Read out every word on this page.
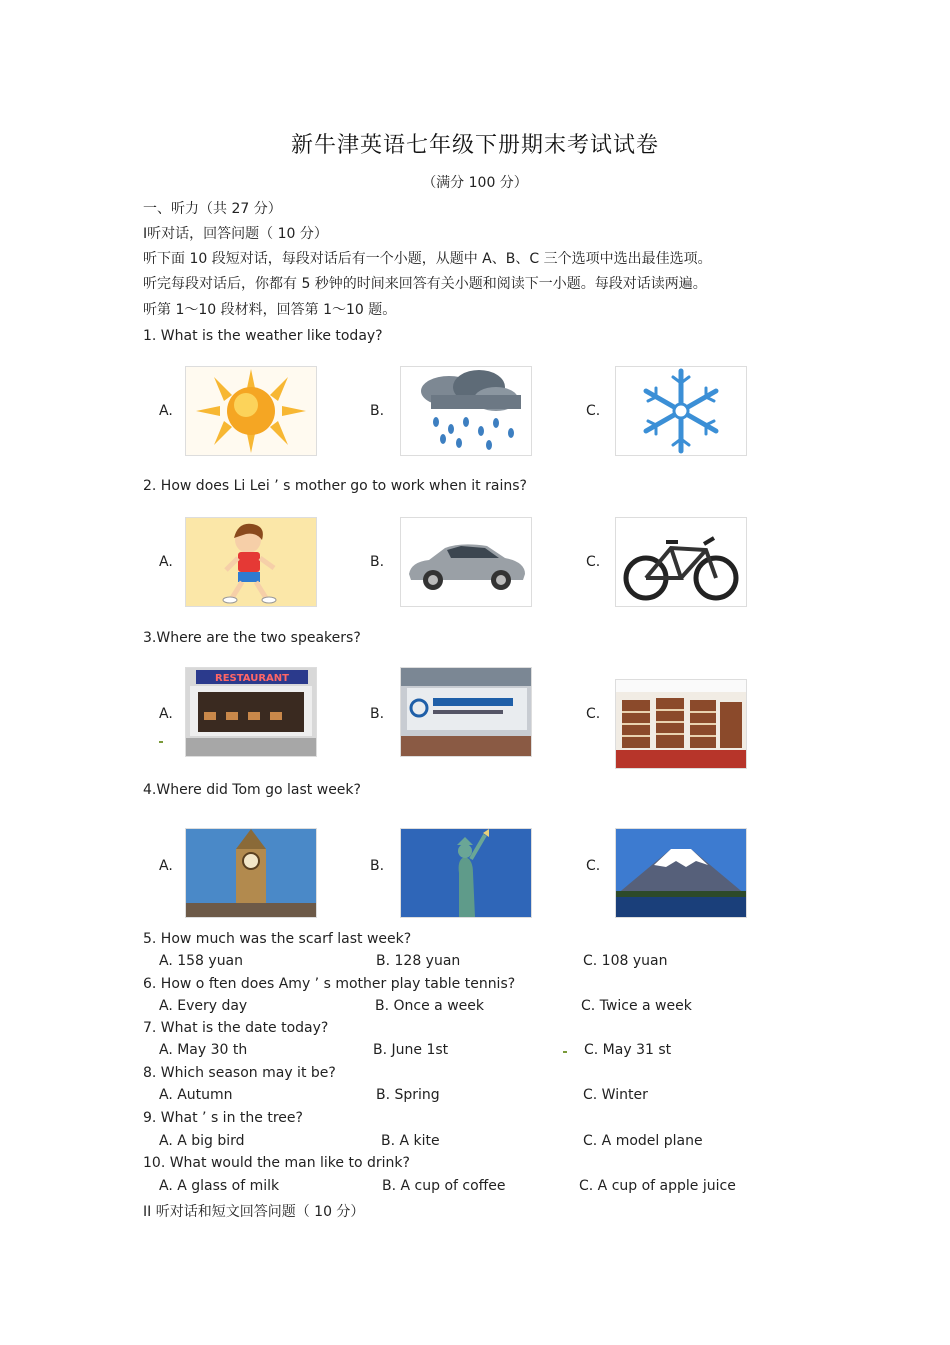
新牛津英语七年级下册期末考试试卷
（满分 100 分）
一、听力（共 27 分）
Ⅰ听对话，回答问题（ 10 分）
听下面 10 段短对话，每段对话后有一个小题，从题中 A、B、C 三个选项中选出最佳选项。
听完每段对话后，你都有 5 秒钟的时间来回答有关小题和阅读下一小题。每段对话读两遍。
听第 1～10 段材料，回答第 1～10 题。
1. What is the weather like today?
A.	B.	C.
2. How does Li Lei ’ s mother go to work when it rains?
A.	B.	C.
3.Where are the two speakers?
A.
RESTAURANT
B.	C.
4.Where did Tom go last week?
A.	B.	C.
5. How much was the scarf last week?
A. 158 yuan	B. 128 yuan	C. 108 yuan
6. How o ften does Amy ’ s mother play table tennis?
A. Every day	B. Once a week	C. Twice a week
7. What is the date today?
A. May 30 th	B. June 1st	C. May 31 st
8. Which season may it be?
A. Autumn	B. Spring	C. Winter
9. What ’ s in the tree?
A. A big bird	B. A kite	C. A model plane
10. What would the man like to drink?
A. A glass of milk	B. A cup of coffee	C. A cup of apple juice
II 听对话和短文回答问题（ 10 分）
